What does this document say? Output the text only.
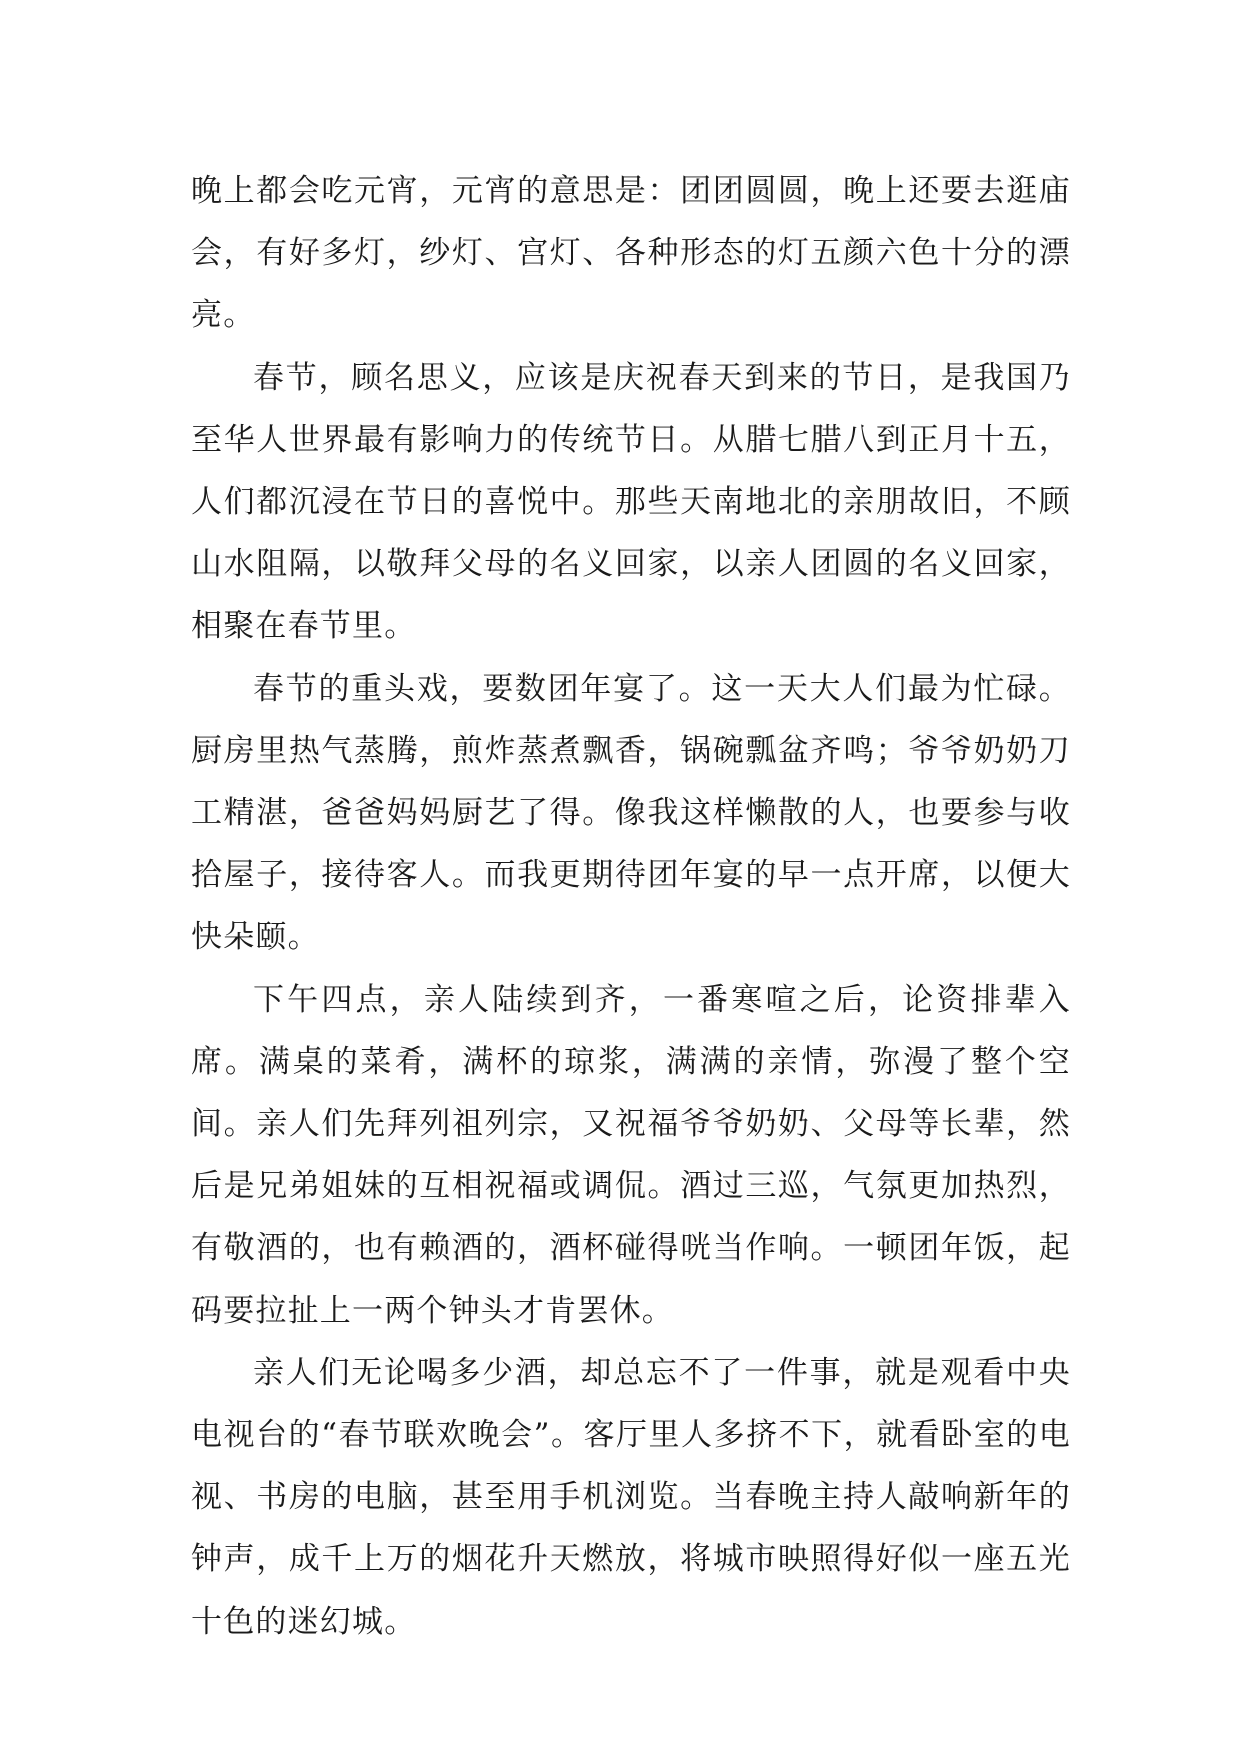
晚上都会吃元宵，元宵的意思是：团团圆圆，晚上还要去逛庙会，有好多灯，纱灯、宫灯、各种形态的灯五颜六色十分的漂亮。

春节，顾名思义，应该是庆祝春天到来的节日，是我国乃至华人世界最有影响力的传统节日。从腊七腊八到正月十五，人们都沉浸在节日的喜悦中。那些天南地北的亲朋故旧，不顾山水阻隔，以敬拜父母的名义回家，以亲人团圆的名义回家，相聚在春节里。

春节的重头戏，要数团年宴了。这一天大人们最为忙碌。厨房里热气蒸腾，煎炸蒸煮飘香，锅碗瓢盆齐鸣；爷爷奶奶刀工精湛，爸爸妈妈厨艺了得。像我这样懒散的人，也要参与收拾屋子，接待客人。而我更期待团年宴的早一点开席，以便大快朵颐。

下午四点，亲人陆续到齐，一番寒喧之后，论资排辈入席。满桌的菜肴，满杯的琼浆，满满的亲情，弥漫了整个空间。亲人们先拜列祖列宗，又祝福爷爷奶奶、父母等长辈，然后是兄弟姐妹的互相祝福或调侃。酒过三巡，气氛更加热烈，有敬酒的，也有赖酒的，酒杯碰得咣当作响。一顿团年饭，起码要拉扯上一两个钟头才肯罢休。

亲人们无论喝多少酒，却总忘不了一件事，就是观看中央电视台的“春节联欢晚会”。客厅里人多挤不下，就看卧室的电视、书房的电脑，甚至用手机浏览。当春晚主持人敲响新年的钟声，成千上万的烟花升天燃放，将城市映照得好似一座五光十色的迷幻城。
